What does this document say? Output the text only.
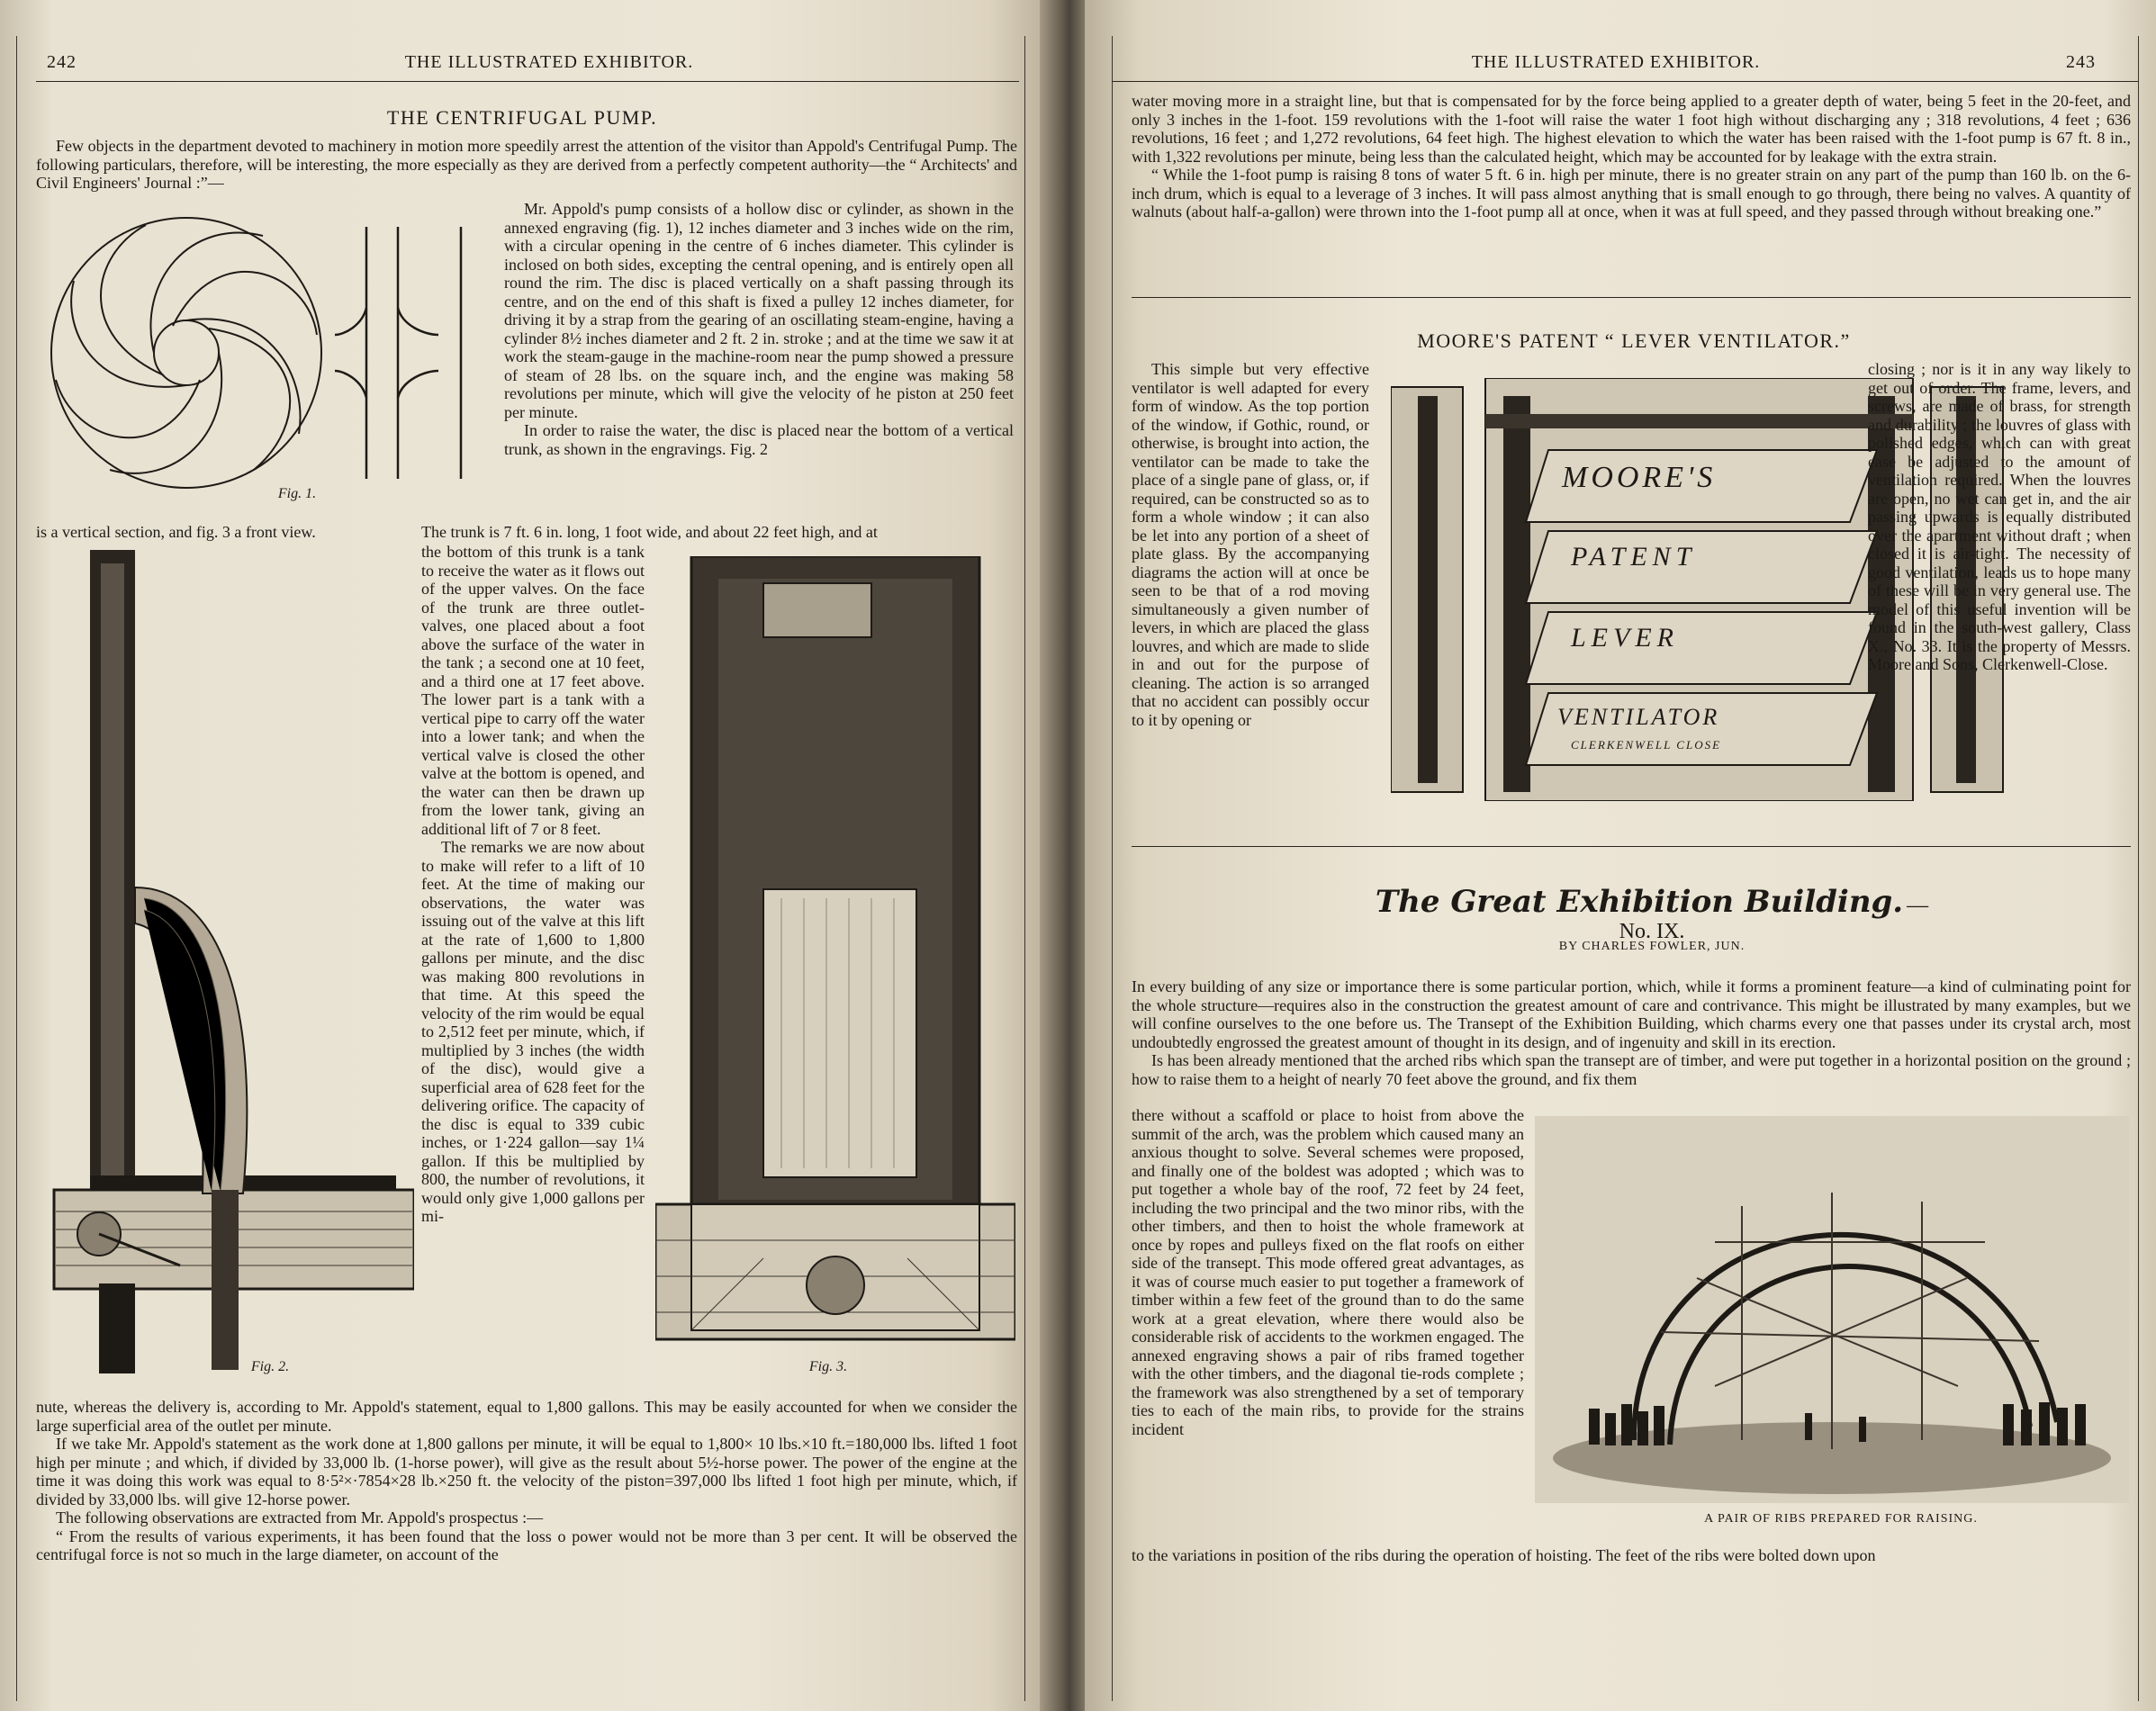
242	THE ILLUSTRATED EXHIBITOR.
THE CENTRIFUGAL PUMP.

Few objects in the department devoted to machinery in motion more speedily arrest the attention of the visitor than Appold's Centrifugal Pump. The following particulars, therefore, will be interesting, the more especially as they are derived from a perfectly competent authority—the “ Architects' and Civil Engineers' Journal :”—

Fig. 1.

Mr. Appold's pump consists of a hollow disc or cylinder, as shown in the annexed engraving (fig. 1), 12 inches diameter and 3 inches wide on the rim, with a circular opening in the centre of 6 inches diameter. This cylinder is inclosed on both sides, excepting the central opening, and is entirely open all round the rim. The disc is placed vertically on a shaft passing through its centre, and on the end of this shaft is fixed a pulley 12 inches diameter, for driving it by a strap from the gearing of an oscillating steam-engine, having a cylinder 8½ inches diameter and 2 ft. 2 in. stroke ; and at the time we saw it at work the steam-gauge in the machine-room near the pump showed a pressure of steam of 28 lbs. on the square inch, and the engine was making 58 revolutions per minute, which will give the velocity of he piston at 250 feet per minute.

In order to raise the water, the disc is placed near the bottom of a vertical trunk, as shown in the engravings. Fig. 2

is a vertical section, and fig. 3 a front view.	The trunk is 7 ft. 6 in. long, 1 foot wide, and about 22 feet high, and at

Fig. 2.

the bottom of this trunk is a tank to receive the water as it flows out of the upper valves. On the face of the trunk are three outlet-valves, one placed about a foot above the surface of the water in the tank ; a second one at 10 feet, and a third one at 17 feet above. The lower part is a tank with a vertical pipe to carry off the water into a lower tank; and when the vertical valve is closed the other valve at the bottom is opened, and the water can then be drawn up from the lower tank, giving an additional lift of 7 or 8 feet.

The remarks we are now about to make will refer to a lift of 10 feet. At the time of making our observations, the water was issuing out of the valve at this lift at the rate of 1,600 to 1,800 gallons per minute, and the disc was making 800 revolutions in that time. At this speed the velocity of the rim would be equal to 2,512 feet per minute, which, if multiplied by 3 inches (the width of the disc), would give a superficial area of 628 feet for the delivering orifice. The capacity of the disc is equal to 339 cubic inches, or 1·224 gallon—say 1¼ gallon. If this be multiplied by 800, the number of revolutions, it would only give 1,000 gallons per mi-

Fig. 3.

nute, whereas the delivery is, according to Mr. Appold's statement, equal to 1,800 gallons. This may be easily accounted for when we consider the large superficial area of the outlet per minute.

If we take Mr. Appold's statement as the work done at 1,800 gallons per minute, it will be equal to 1,800× 10 lbs.×10 ft.=180,000 lbs. lifted 1 foot high per minute ; and which, if divided by 33,000 lb. (1-horse power), will give as the result about 5½-horse power. The power of the engine at the time it was doing this work was equal to 8·5²×·7854×28 lb.×250 ft. the velocity of the piston=397,000 lbs lifted 1 foot high per minute, which, if divided by 33,000 lbs. will give 12-horse power.

The following observations are extracted from Mr. Appold's prospectus :—

“ From the results of various experiments, it has been found that the loss o power would not be more than 3 per cent. It will be observed the centrifugal force is not so much in the large diameter, on account of the

THE ILLUSTRATED EXHIBITOR.	243

water moving more in a straight line, but that is compensated for by the force being applied to a greater depth of water, being 5 feet in the 20-feet, and only 3 inches in the 1-foot. 159 revolutions with the 1-foot will raise the water 1 foot high without discharging any ; 318 revolutions, 4 feet ; 636 revolutions, 16 feet ; and 1,272 revolutions, 64 feet high. The highest elevation to which the water has been raised with the 1-foot pump is 67 ft. 8 in., with 1,322 revolutions per minute, being less than the calculated height, which may be accounted for by leakage with the extra strain.

“ While the 1-foot pump is raising 8 tons of water 5 ft. 6 in. high per minute, there is no greater strain on any part of the pump than 160 lb. on the 6-inch drum, which is equal to a leverage of 3 inches. It will pass almost anything that is small enough to go through, there being no valves. A quantity of walnuts (about half-a-gallon) were thrown into the 1-foot pump all at once, when it was at full speed, and they passed through without breaking one.”

MOORE'S PATENT “ LEVER VENTILATOR.”

This simple but very effective ventilator is well adapted for every form of window. As the top portion of the window, if Gothic, round, or otherwise, is brought into action, the ventilator can be made to take the place of a single pane of glass, or, if required, can be constructed so as to form a whole window ; it can also be let into any portion of a sheet of plate glass. By the accompanying diagrams the action will at once be seen to be that of a rod moving simultaneously a given number of levers, in which are placed the glass louvres, and which are made to slide in and out for the purpose of cleaning. The action is so arranged that no accident can possibly occur to it by opening or

MOORE'S
PATENT
LEVER
VENTILATOR
CLERKENWELL CLOSE

closing ; nor is it in any way likely to get out of order. The frame, levers, and screws, are made of brass, for strength and durability ; the louvres of glass with polished edges, which can with great ease be adjusted to the amount of ventilation required. When the louvres are open, no wet can get in, and the air passing upwards is equally distributed over the apartment without draft ; when closed it is air-tight. The necessity of good ventilation, leads us to hope many of these will be in very general use. The model of this useful invention will be found in the south-west gallery, Class X., No. 33. It is the property of Messrs. Moore and Sons, Clerkenwell-Close.

The Great Exhibition Building. —No. IX.
BY CHARLES FOWLER, JUN.

In every building of any size or importance there is some particular portion, which, while it forms a prominent feature—a kind of culminating point for the whole structure—requires also in the construction the greatest amount of care and contrivance. This might be illustrated by many examples, but we will confine ourselves to the one before us. The Transept of the Exhibition Building, which charms every one that passes under its crystal arch, most undoubtedly engrossed the greatest amount of thought in its design, and of ingenuity and skill in its erection.

Is has been already mentioned that the arched ribs which span the transept are of timber, and were put together in a horizontal position on the ground ; how to raise them to a height of nearly 70 feet above the ground, and fix them

there without a scaffold or place to hoist from above the summit of the arch, was the problem which caused many an anxious thought to solve. Several schemes were proposed, and finally one of the boldest was adopted ; which was to put together a whole bay of the roof, 72 feet by 24 feet, including the two principal and the two minor ribs, with the other timbers, and then to hoist the whole framework at once by ropes and pulleys fixed on the flat roofs on either side of the transept. This mode offered great advantages, as it was of course much easier to put together a framework of timber within a few feet of the ground than to do the same work at a great elevation, where there would also be considerable risk of accidents to the workmen engaged. The annexed engraving shows a pair of ribs framed together with the other timbers, and the diagonal tie-rods complete ; the framework was also strengthened by a set of temporary ties to each of the main ribs, to provide for the strains incident

A PAIR OF RIBS PREPARED FOR RAISING.

to the variations in position of the ribs during the operation of hoisting. The feet of the ribs were bolted down upon
